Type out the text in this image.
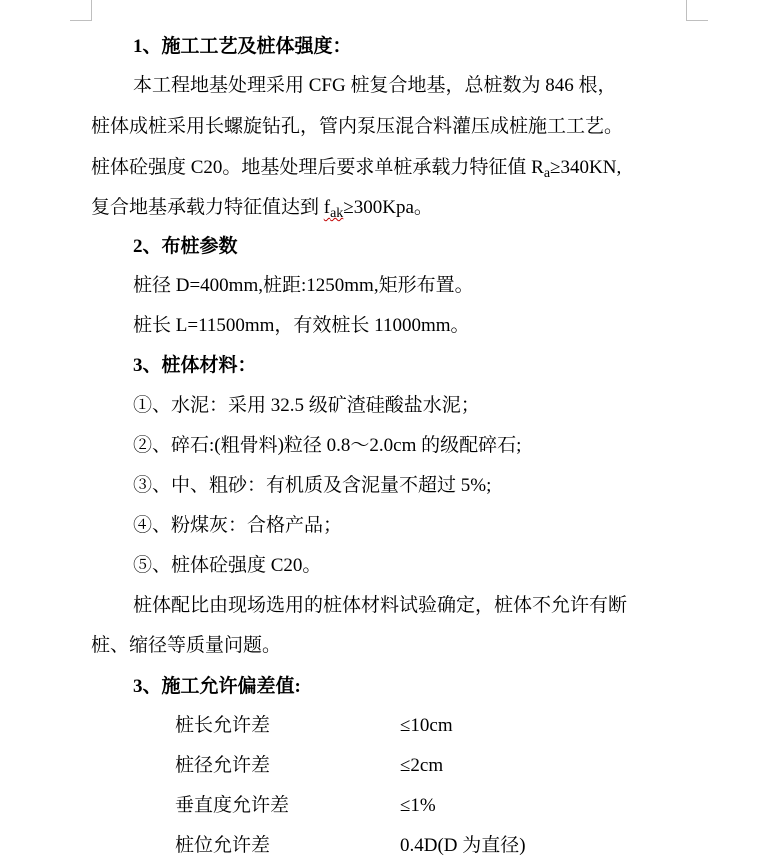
1、施工工艺及桩体强度：
本工程地基处理采用 CFG 桩复合地基，总桩数为 846 根，
桩体成桩采用长螺旋钻孔，管内泵压混合料灌压成桩施工工艺。
桩体砼强度 C20。地基处理后要求单桩承载力特征值 $R_a\ge 340KN$,
复合地基承载力特征值达到 $f_{ak}\ge 300Kpa$。
2、布桩参数
桩径 D=400mm,桩距:1250mm,矩形布置。
桩长 L=11500mm，有效桩长 11000mm。
3、桩体材料：
①、水泥：采用 32.5 级矿渣硅酸盐水泥；
②、碎石:(粗骨料)粒径 0.8～2.0cm 的级配碎石;
③、中、粗砂：有机质及含泥量不超过 5%;
④、粉煤灰：合格产品；
⑤、桩体砼强度 C20。
桩体配比由现场选用的桩体材料试验确定，桩体不允许有断
桩、缩径等质量问题。
3、施工允许偏差值:
桩长允许差	≤10cm
桩径允许差	≤2cm
垂直度允许差	≤1%
桩位允许差	0.4D(D 为直径)
